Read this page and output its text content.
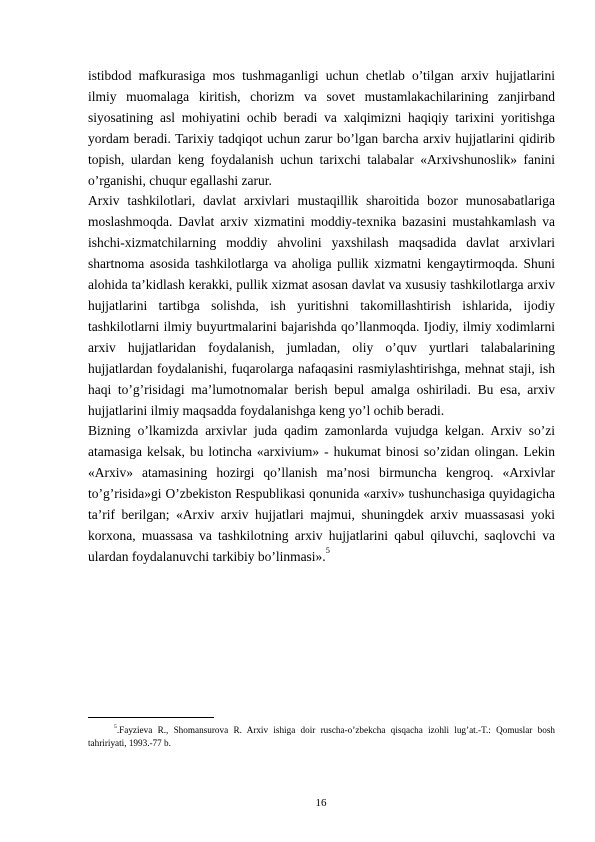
istibdod mafkurasiga mos tushmaganligi uchun chetlab o’tilgan arxiv hujjatlarini ilmiy muomalaga kiritish, chorizm va sovet mustamlakachilarining zanjirband siyosatining asl mohiyatini ochib beradi va xalqimizni haqiqiy tarixini yoritishga yordam beradi. Tarixiy tadqiqot uchun zarur bo’lgan barcha arxiv hujjatlarini qidirib topish, ulardan keng foydalanish uchun tarixchi talabalar «Arxivshunoslik» fanini o’rganishi, chuqur egallashi zarur.

Arxiv tashkilotlari, davlat arxivlari mustaqillik sharoitida bozor munosabatlariga moslashmoqda. Davlat arxiv xizmatini moddiy-texnika bazasini mustahkamlash va ishchi-xizmatchilarning moddiy ahvolini yaxshilash maqsadida davlat arxivlari shartnoma asosida tashkilotlarga va aholiga pullik xizmatni kengaytirmoqda. Shuni alohida ta’kidlash kerakki, pullik xizmat asosan davlat va xususiy tashkilotlarga arxiv hujjatlarini tartibga solishda, ish yuritishni takomillashtirish ishlarida, ijodiy tashkilotlarni ilmiy buyurtmalarini bajarishda qo’llanmoqda. Ijodiy, ilmiy xodimlarni arxiv hujjatlaridan foydalanish, jumladan, oliy o’quv yurtlari talabalarining hujjatlardan foydalanishi, fuqarolarga nafaqasini rasmiylashtirishga, mehnat staji, ish haqi to’g’risidagi ma’lumotnomalar berish bepul amalga oshiriladi. Bu esa, arxiv hujjatlarini ilmiy maqsadda foydalanishga keng yo’l ochib beradi.

Bizning o’lkamizda arxivlar juda qadim zamonlarda vujudga kelgan. Arxiv so’zi atamasiga kelsak, bu lotincha «arxivium» - hukumat binosi so’zidan olingan. Lekin «Arxiv» atamasining hozirgi qo’llanish ma’nosi birmuncha kengroq. «Arxivlar to’g’risida»gi O’zbekiston Respublikasi qonunida «arxiv» tushunchasiga quyidagicha ta’rif berilgan; «Arxiv arxiv hujjatlari majmui, shuningdek arxiv muassasasi yoki korxona, muassasa va tashkilotning arxiv hujjatlarini qabul qiluvchi, saqlovchi va ulardan foydalanuvchi tarkibiy bo’linmasi».$^5$

$^5$.Fayzieva R., Shomansurova R. Arxiv ishiga doir ruscha-o’zbekcha qisqacha izohli lug’at.-T.: Qomuslar bosh tahririyati, 1993.-77 b.
16
